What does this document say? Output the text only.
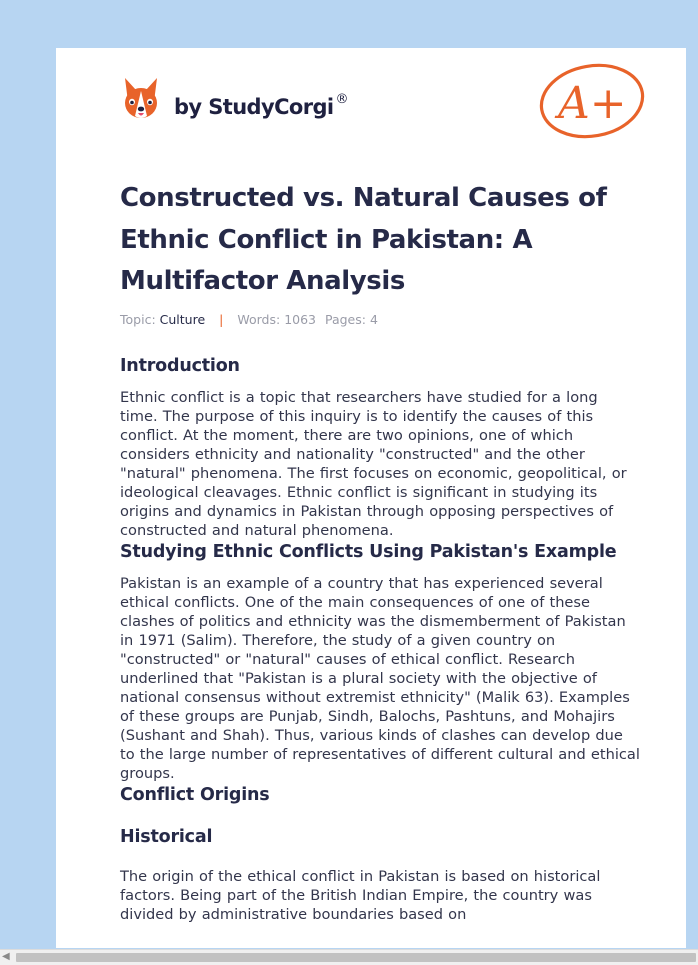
by StudyCorgi ®	A+
Constructed vs. Natural Causes of Ethnic Conflict in Pakistan: A Multifactor Analysis
Topic: Culture | Words: 1063 Pages: 4
Introduction

Ethnic conflict is a topic that researchers have studied for a long time. The purpose of this inquiry is to identify the causes of this conflict. At the moment, there are two opinions, one of which considers ethnicity and nationality "constructed" and the other "natural" phenomena. The first focuses on economic, geopolitical, or ideological cleavages. Ethnic conflict is significant in studying its origins and dynamics in Pakistan through opposing perspectives of constructed and natural phenomena.

Studying Ethnic Conflicts Using Pakistan's Example

Pakistan is an example of a country that has experienced several ethical conflicts. One of the main consequences of one of these clashes of politics and ethnicity was the dismemberment of Pakistan in 1971 (Salim). Therefore, the study of a given country on "constructed" or "natural" causes of ethical conflict. Research underlined that "Pakistan is a plural society with the objective of national consensus without extremist ethnicity" (Malik 63). Examples of these groups are Punjab, Sindh, Balochs, Pashtuns, and Mohajirs (Sushant and Shah). Thus, various kinds of clashes can develop due to the large number of representatives of different cultural and ethical groups.

Conflict Origins
Historical

The origin of the ethical conflict in Pakistan is based on historical factors. Being part of the British Indian Empire, the country was divided by administrative boundaries based on

◀
